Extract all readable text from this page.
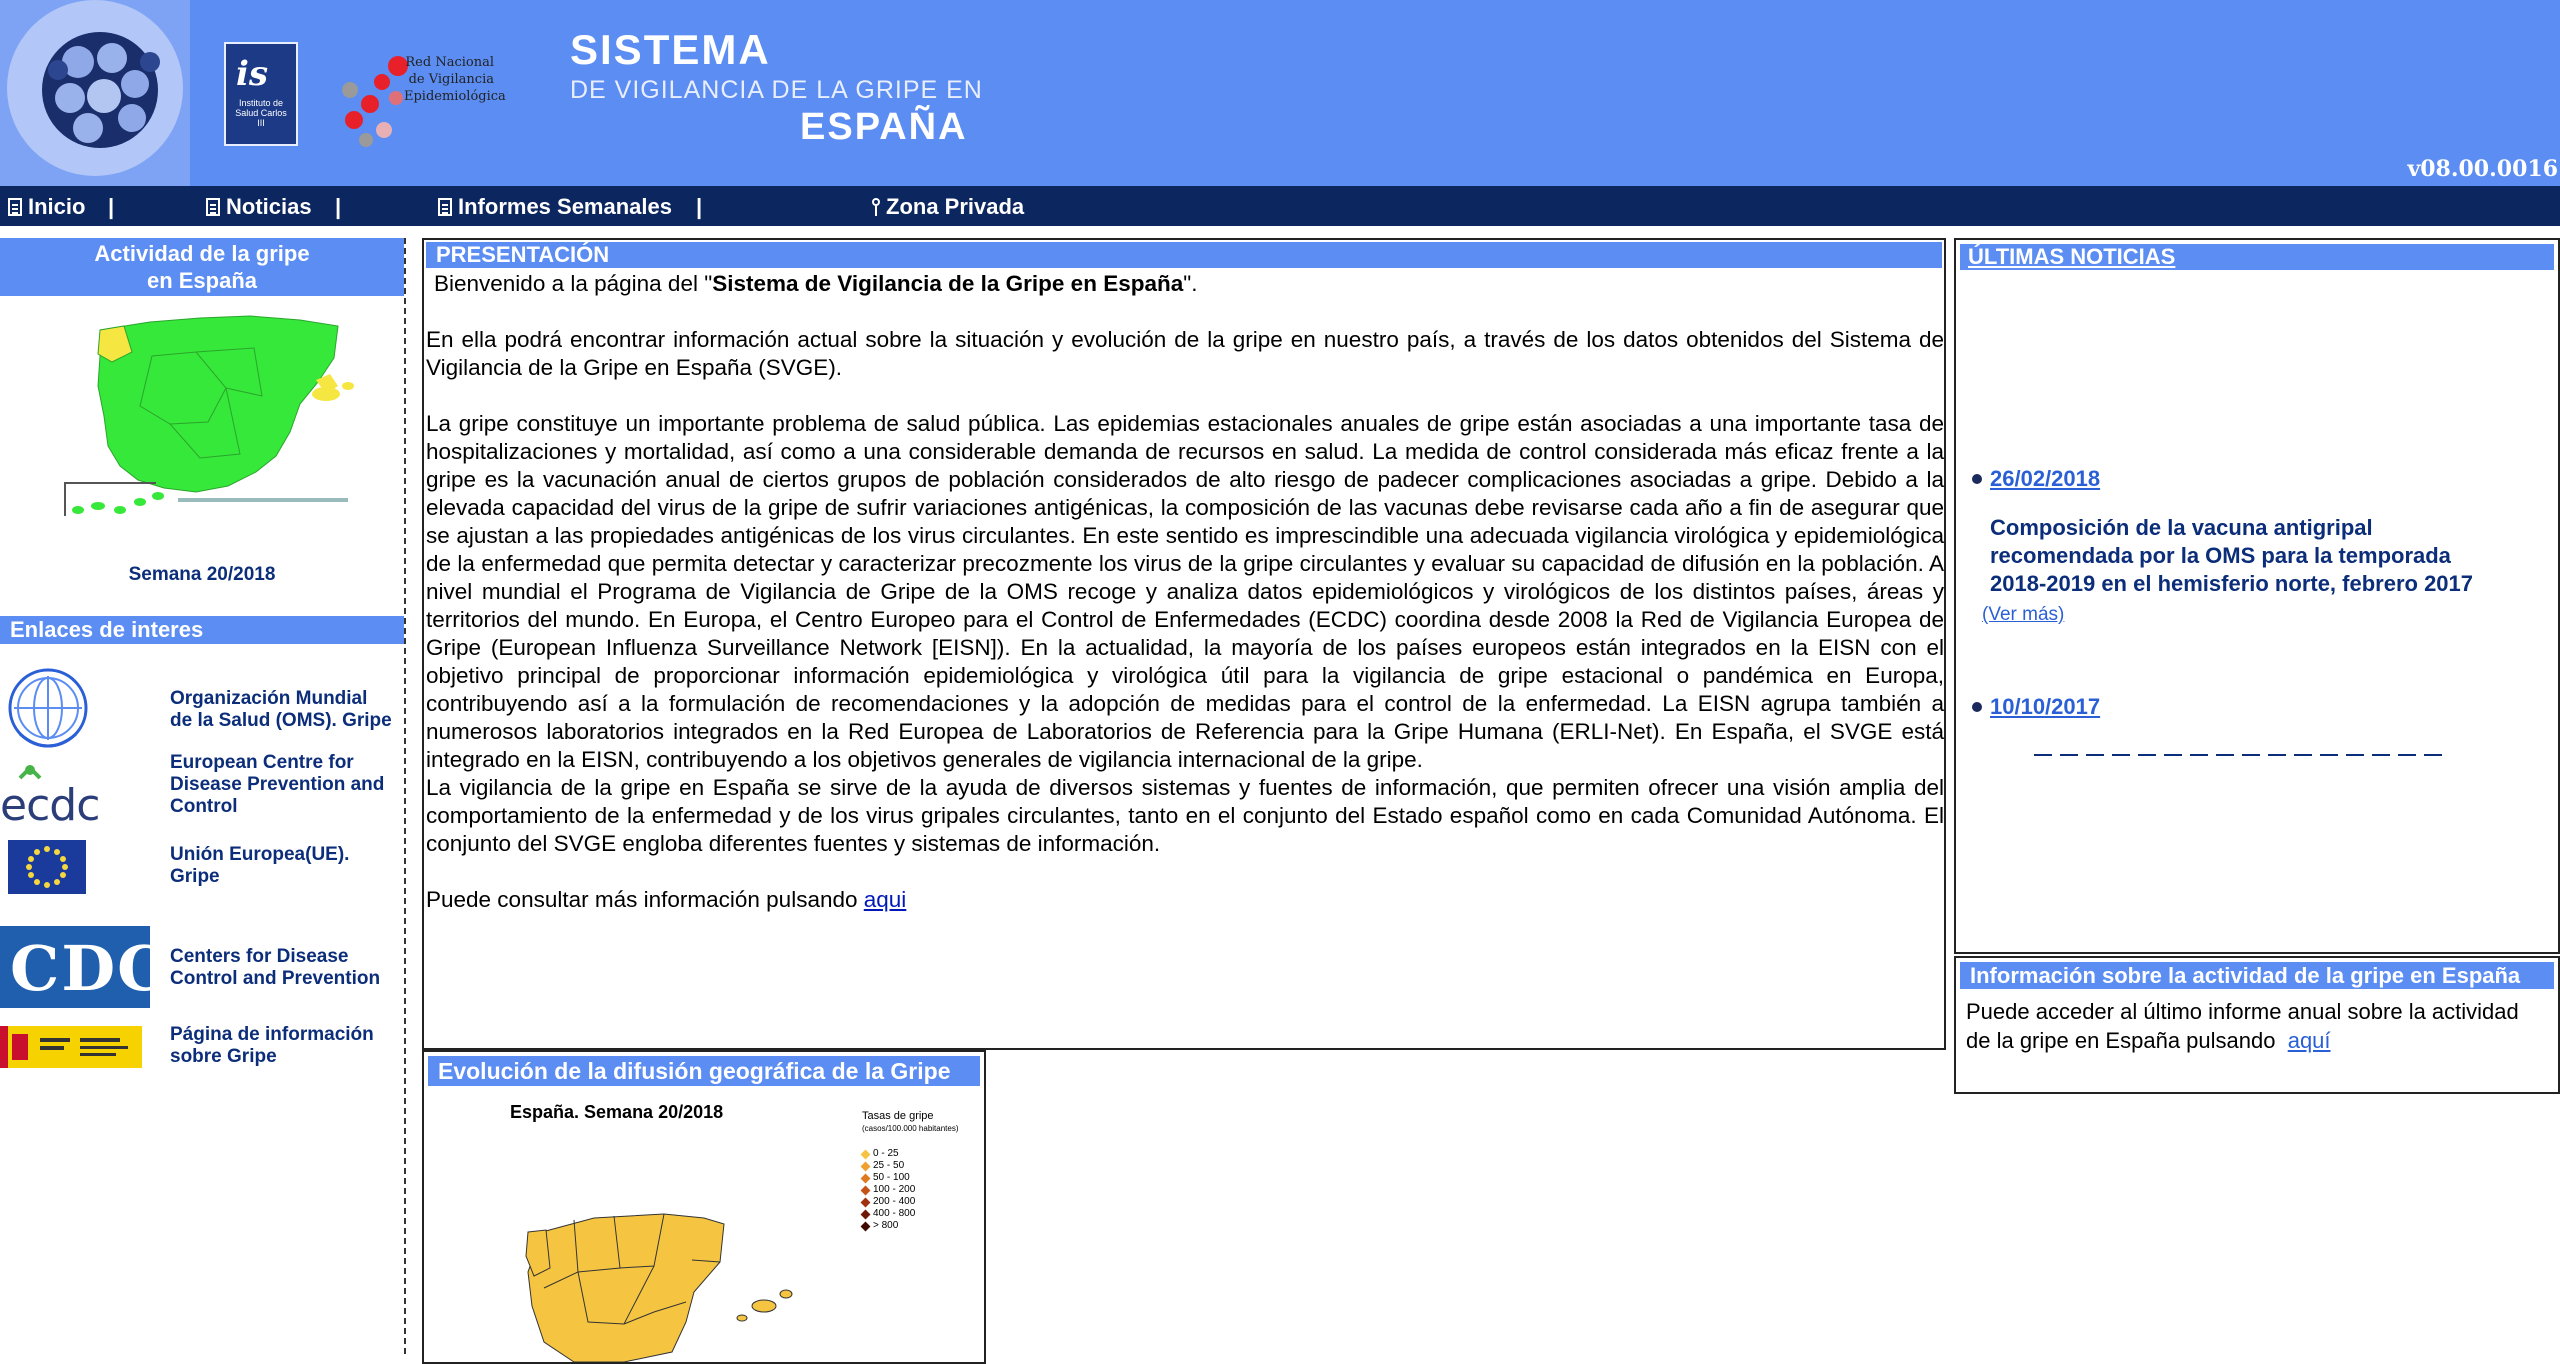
is
Instituto de Salud Carlos III
Red Nacional de Vigilancia Epidemiológica
SISTEMA
DE VIGILANCIA DE LA GRIPE EN
ESPAÑA
v08.00.0016
Inicio |	Noticias |	Informes Semanales |	Zona Privada
Actividad de la gripe
en España
Semana 20/2018
Enlaces de interes
Organización Mundial
de la Salud (OMS). Gripe
ecdc
European Centre for
Disease Prevention and
Control
Unión Europea(UE).
Gripe
CDC Centers for Disease
Control and Prevention
Página de información
sobre Gripe
PRESENTACIÓN

Bienvenido a la página del "Sistema de Vigilancia de la Gripe en España".

En ella podrá encontrar información actual sobre la situación y evolución de la gripe en nuestro país, a través de los datos obtenidos del Sistema de Vigilancia de la Gripe en España (SVGE).

La gripe constituye un importante problema de salud pública. Las epidemias estacionales anuales de gripe están asociadas a una importante tasa de hospitalizaciones y mortalidad, así como a una considerable demanda de recursos en salud. La medida de control considerada más eficaz frente a la gripe es la vacunación anual de ciertos grupos de población considerados de alto riesgo de padecer complicaciones asociadas a gripe. Debido a la elevada capacidad del virus de la gripe de sufrir variaciones antigénicas, la composición de las vacunas debe revisarse cada año a fin de asegurar que se ajustan a las propiedades antigénicas de los virus circulantes. En este sentido es imprescindible una adecuada vigilancia virológica y epidemiológica de la enfermedad que permita detectar y caracterizar precozmente los virus de la gripe circulantes y evaluar su capacidad de difusión en la población. A nivel mundial el Programa de Vigilancia de Gripe de la OMS recoge y analiza datos epidemiológicos y virológicos de los distintos países, áreas y territorios del mundo. En Europa, el Centro Europeo para el Control de Enfermedades (ECDC) coordina desde 2008 la Red de Vigilancia Europea de Gripe (European Influenza Surveillance Network [EISN]). En la actualidad, la mayoría de los países europeos están integrados en la EISN con el objetivo principal de proporcionar información epidemiológica y virológica útil para la vigilancia de gripe estacional o pandémica en Europa, contribuyendo así a la formulación de recomendaciones y la adopción de medidas para el control de la enfermedad. La EISN agrupa también a numerosos laboratorios integrados en la Red Europea de Laboratorios de Referencia para la Gripe Humana (ERLI-Net). En España, el SVGE está integrado en la EISN, contribuyendo a los objetivos generales de vigilancia internacional de la gripe.

La vigilancia de la gripe en España se sirve de la ayuda de diversos sistemas y fuentes de información, que permiten ofrecer una visión amplia del comportamiento de la enfermedad y de los virus gripales circulantes, tanto en el conjunto del Estado español como en cada Comunidad Autónoma. El conjunto del SVGE engloba diferentes fuentes y sistemas de información.

Puede consultar más información pulsando aqui

Evolución de la difusión geográfica de la Gripe
España. Semana 20/2018	Tasas de gripe
(casos/100.000 habitantes)
0 - 25
25 - 50
50 - 100
100 - 200
200 - 400
400 - 800
> 800
ÚLTIMAS NOTICIAS
26/02/2018
Composición de la vacuna antigripal recomendada por la OMS para la temporada 2018-2019 en el hemisferio norte, febrero 2017
(Ver más)
10/10/2017
Información sobre la actividad de la gripe en España
Puede acceder al último informe anual sobre la actividad de la gripe en España pulsando aquí
